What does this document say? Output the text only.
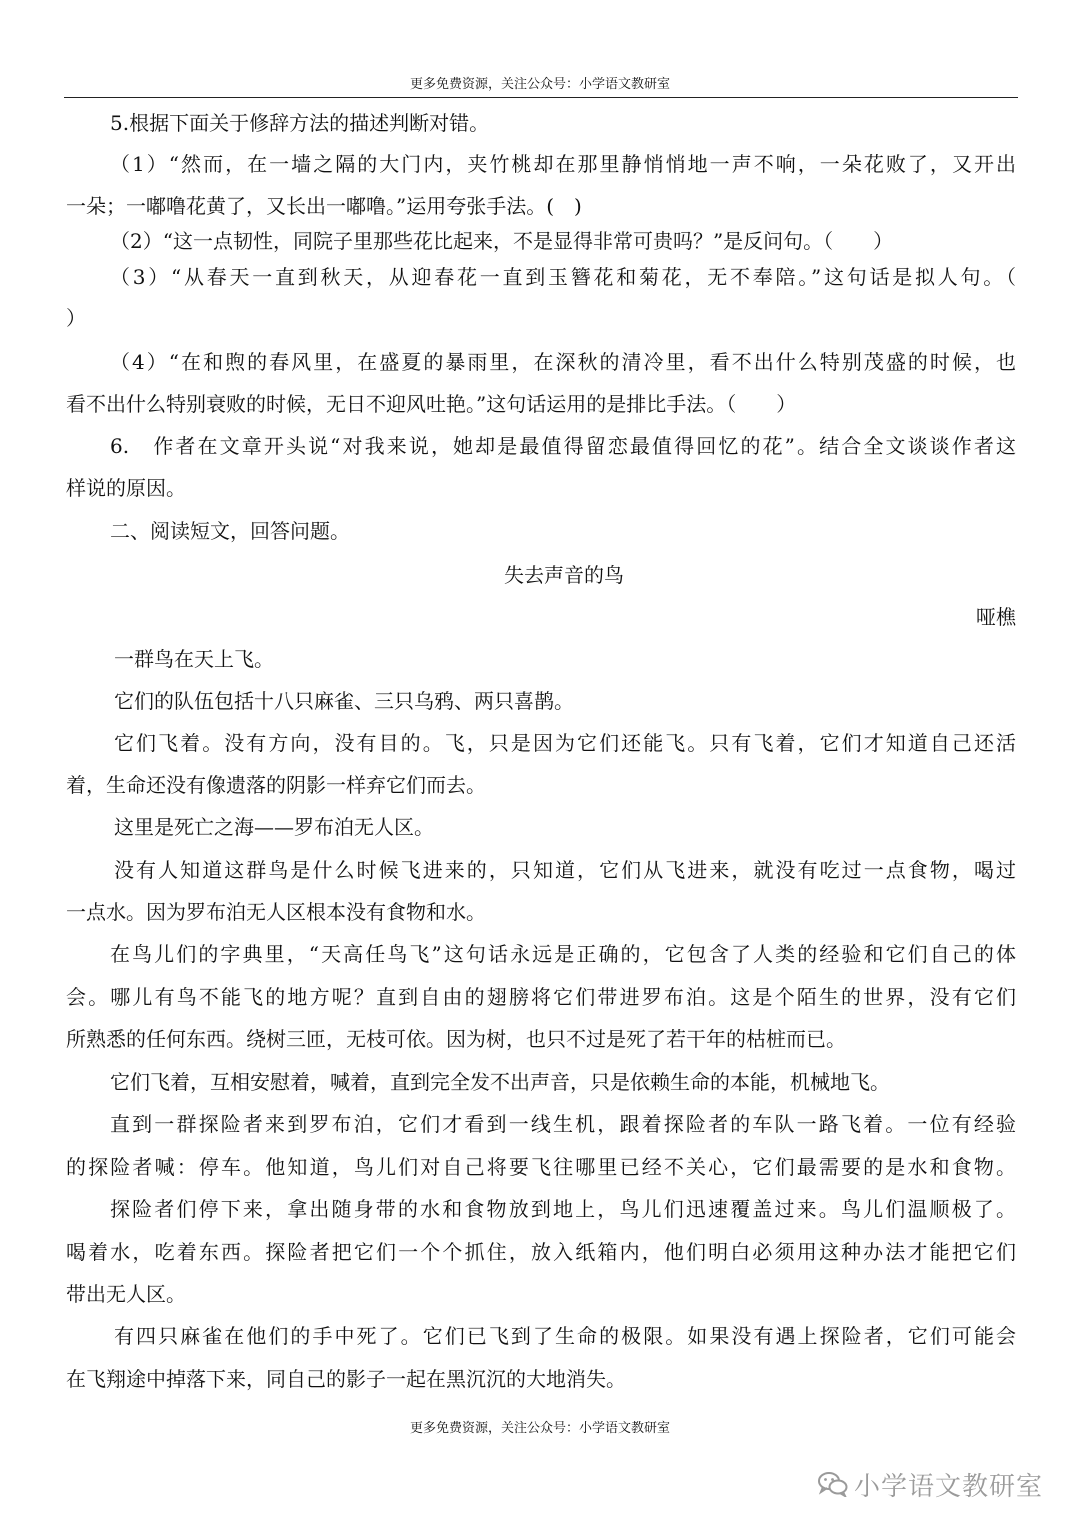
更多免费资源，关注公众号：小学语文教研室
5.根据下面关于修辞方法的描述判断对错。
（1）“然而，在一墙之隔的大门内，夹竹桃却在那里静悄悄地一声不响，一朵花败了，又开出
一朵；一嘟噜花黄了，又长出一嘟噜。”运用夸张手法。(　)
（2）“这一点韧性，同院子里那些花比起来，不是显得非常可贵吗？”是反问句。（　　）
（3）“从春天一直到秋天，从迎春花一直到玉簪花和菊花，无不奉陪。”这句话是拟人句。（
）
（4）“在和煦的春风里，在盛夏的暴雨里，在深秋的清冷里，看不出什么特别茂盛的时候，也
看不出什么特别衰败的时候，无日不迎风吐艳。”这句话运用的是排比手法。（　　）
6.　作者在文章开头说“对我来说，她却是最值得留恋最值得回忆的花”。结合全文谈谈作者这
样说的原因。
二、阅读短文，回答问题。
失去声音的鸟
哑樵
一群鸟在天上飞。
它们的队伍包括十八只麻雀、三只乌鸦、两只喜鹊。
它们飞着。没有方向，没有目的。飞，只是因为它们还能飞。只有飞着，它们才知道自己还活
着，生命还没有像遗落的阴影一样弃它们而去。
这里是死亡之海——罗布泊无人区。
没有人知道这群鸟是什么时候飞进来的，只知道，它们从飞进来，就没有吃过一点食物，喝过
一点水。因为罗布泊无人区根本没有食物和水。
在鸟儿们的字典里，“天高任鸟飞”这句话永远是正确的，它包含了人类的经验和它们自己的体
会。哪儿有鸟不能飞的地方呢？直到自由的翅膀将它们带进罗布泊。这是个陌生的世界，没有它们
所熟悉的任何东西。绕树三匝，无枝可依。因为树，也只不过是死了若干年的枯桩而已。
它们飞着，互相安慰着，喊着，直到完全发不出声音，只是依赖生命的本能，机械地飞。
直到一群探险者来到罗布泊，它们才看到一线生机，跟着探险者的车队一路飞着。一位有经验
的探险者喊：停车。他知道，鸟儿们对自己将要飞往哪里已经不关心，它们最需要的是水和食物。
探险者们停下来，拿出随身带的水和食物放到地上，鸟儿们迅速覆盖过来。鸟儿们温顺极了。
喝着水，吃着东西。探险者把它们一个个抓住，放入纸箱内，他们明白必须用这种办法才能把它们
带出无人区。
有四只麻雀在他们的手中死了。它们已飞到了生命的极限。如果没有遇上探险者，它们可能会
在飞翔途中掉落下来，同自己的影子一起在黑沉沉的大地消失。
更多免费资源，关注公众号：小学语文教研室
小学语文教研室
